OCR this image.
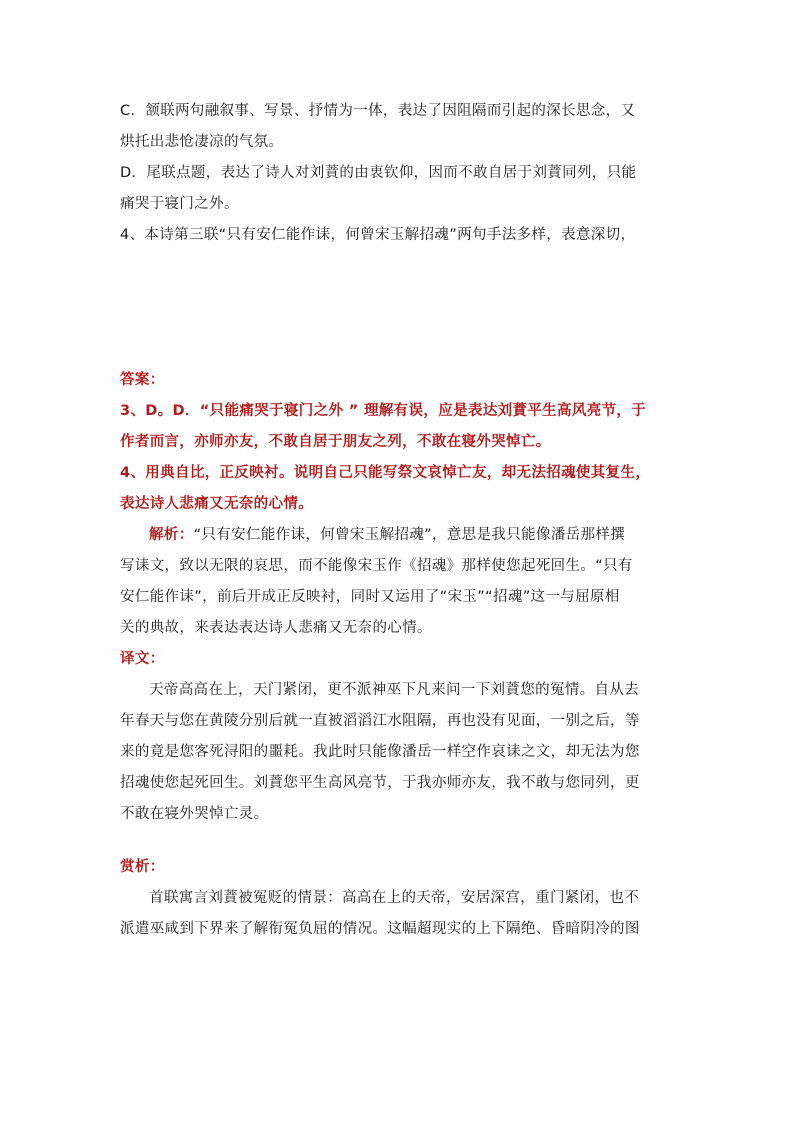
C．颔联两句融叙事、写景、抒情为一体，表达了因阻隔而引起的深长思念，又
烘托出悲怆凄凉的气氛。
D．尾联点题，表达了诗人对刘蕡的由衷钦仰，因而不敢自居于刘蕡同列，只能
痛哭于寝门之外。
4、本诗第三联“只有安仁能作诔，何曾宋玉解招魂”两句手法多样，表意深切，
答案：
3、D。D．“只能痛哭于寝门之外 ” 理解有误，应是表达刘蕡平生高风亮节，于
作者而言，亦师亦友，不敢自居于朋友之列，不敢在寝外哭悼亡。
4、用典自比，正反映衬。说明自己只能写祭文哀悼亡友，却无法招魂使其复生，
表达诗人悲痛又无奈的心情。
解析：“只有安仁能作诔，何曾宋玉解招魂”，意思是我只能像潘岳那样撰
写诔文，致以无限的哀思，而不能像宋玉作《招魂》那样使您起死回生。“只有
安仁能作诔”，前后开成正反映衬，同时又运用了“宋玉”“招魂”这一与屈原相
关的典故，来表达表达诗人悲痛又无奈的心情。
译文：
天帝高高在上，天门紧闭，更不派神巫下凡来问一下刘蕡您的冤情。自从去
年春天与您在黄陵分别后就一直被滔滔江水阻隔，再也没有见面，一别之后，等
来的竟是您客死浔阳的噩耗。我此时只能像潘岳一样空作哀诔之文，却无法为您
招魂使您起死回生。刘蕡您平生高风亮节，于我亦师亦友，我不敢与您同列，更
不敢在寝外哭悼亡灵。
赏析：
首联寓言刘蕡被冤贬的情景：高高在上的天帝，安居深宫，重门紧闭，也不
派遣巫咸到下界来了解衔冤负屈的情况。这幅超现实的上下隔绝、昏暗阴冷的图
